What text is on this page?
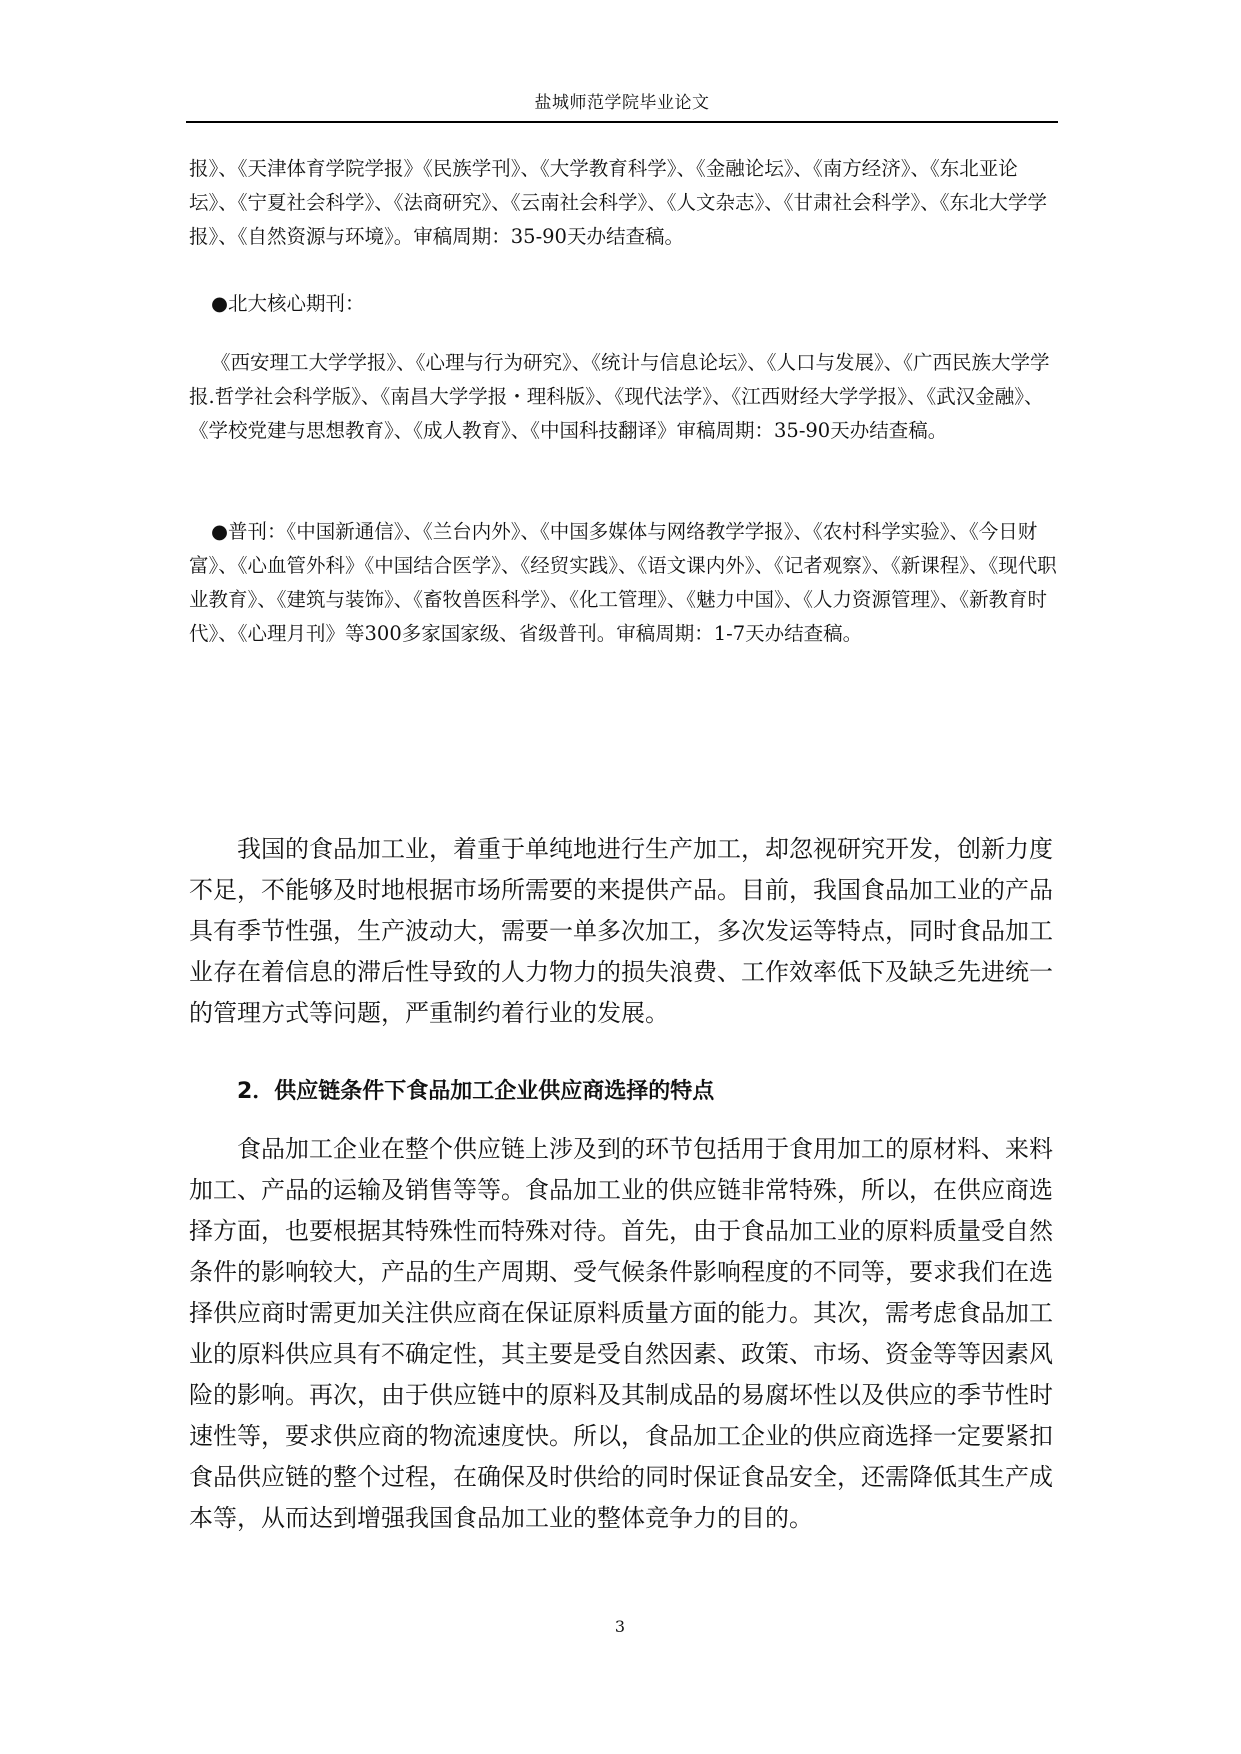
盐城师范学院毕业论文
报》、《天津体育学院学报》《民族学刊》、《大学教育科学》、《金融论坛》、《南方经济》、《东北亚论坛》、《宁夏社会科学》、《法商研究》、《云南社会科学》、《人文杂志》、《甘肃社会科学》、《东北大学学报》、《自然资源与环境》。审稿周期：35-90天办结查稿。
●北大核心期刊：
《西安理工大学学报》、《心理与行为研究》、《统计与信息论坛》、《人口与发展》、《广西民族大学学报.哲学社会科学版》、《南昌大学学报・理科版》、《现代法学》、《江西财经大学学报》、《武汉金融》、《学校党建与思想教育》、《成人教育》、《中国科技翻译》审稿周期：35-90天办结查稿。
●普刊：《中国新通信》、《兰台内外》、《中国多媒体与网络教学学报》、《农村科学实验》、《今日财富》、《心血管外科》《中国结合医学》、《经贸实践》、《语文课内外》、《记者观察》、《新课程》、《现代职业教育》、《建筑与装饰》、《畜牧兽医科学》、《化工管理》、《魅力中国》、《人力资源管理》、《新教育时代》、《心理月刊》等300多家国家级、省级普刊。审稿周期：1-7天办结查稿。
我国的食品加工业，着重于单纯地进行生产加工，却忽视研究开发，创新力度不足，不能够及时地根据市场所需要的来提供产品。目前，我国食品加工业的产品具有季节性强，生产波动大，需要一单多次加工，多次发运等特点，同时食品加工业存在着信息的滞后性导致的人力物力的损失浪费、工作效率低下及缺乏先进统一的管理方式等问题，严重制约着行业的发展。
2．供应链条件下食品加工企业供应商选择的特点
食品加工企业在整个供应链上涉及到的环节包括用于食用加工的原材料、来料加工、产品的运输及销售等等。食品加工业的供应链非常特殊，所以，在供应商选择方面，也要根据其特殊性而特殊对待。首先，由于食品加工业的原料质量受自然条件的影响较大，产品的生产周期、受气候条件影响程度的不同等，要求我们在选择供应商时需更加关注供应商在保证原料质量方面的能力。其次，需考虑食品加工业的原料供应具有不确定性，其主要是受自然因素、政策、市场、资金等等因素风险的影响。再次，由于供应链中的原料及其制成品的易腐坏性以及供应的季节性时速性等，要求供应商的物流速度快。所以，食品加工企业的供应商选择一定要紧扣食品供应链的整个过程，在确保及时供给的同时保证食品安全，还需降低其生产成本等，从而达到增强我国食品加工业的整体竞争力的目的。
3
